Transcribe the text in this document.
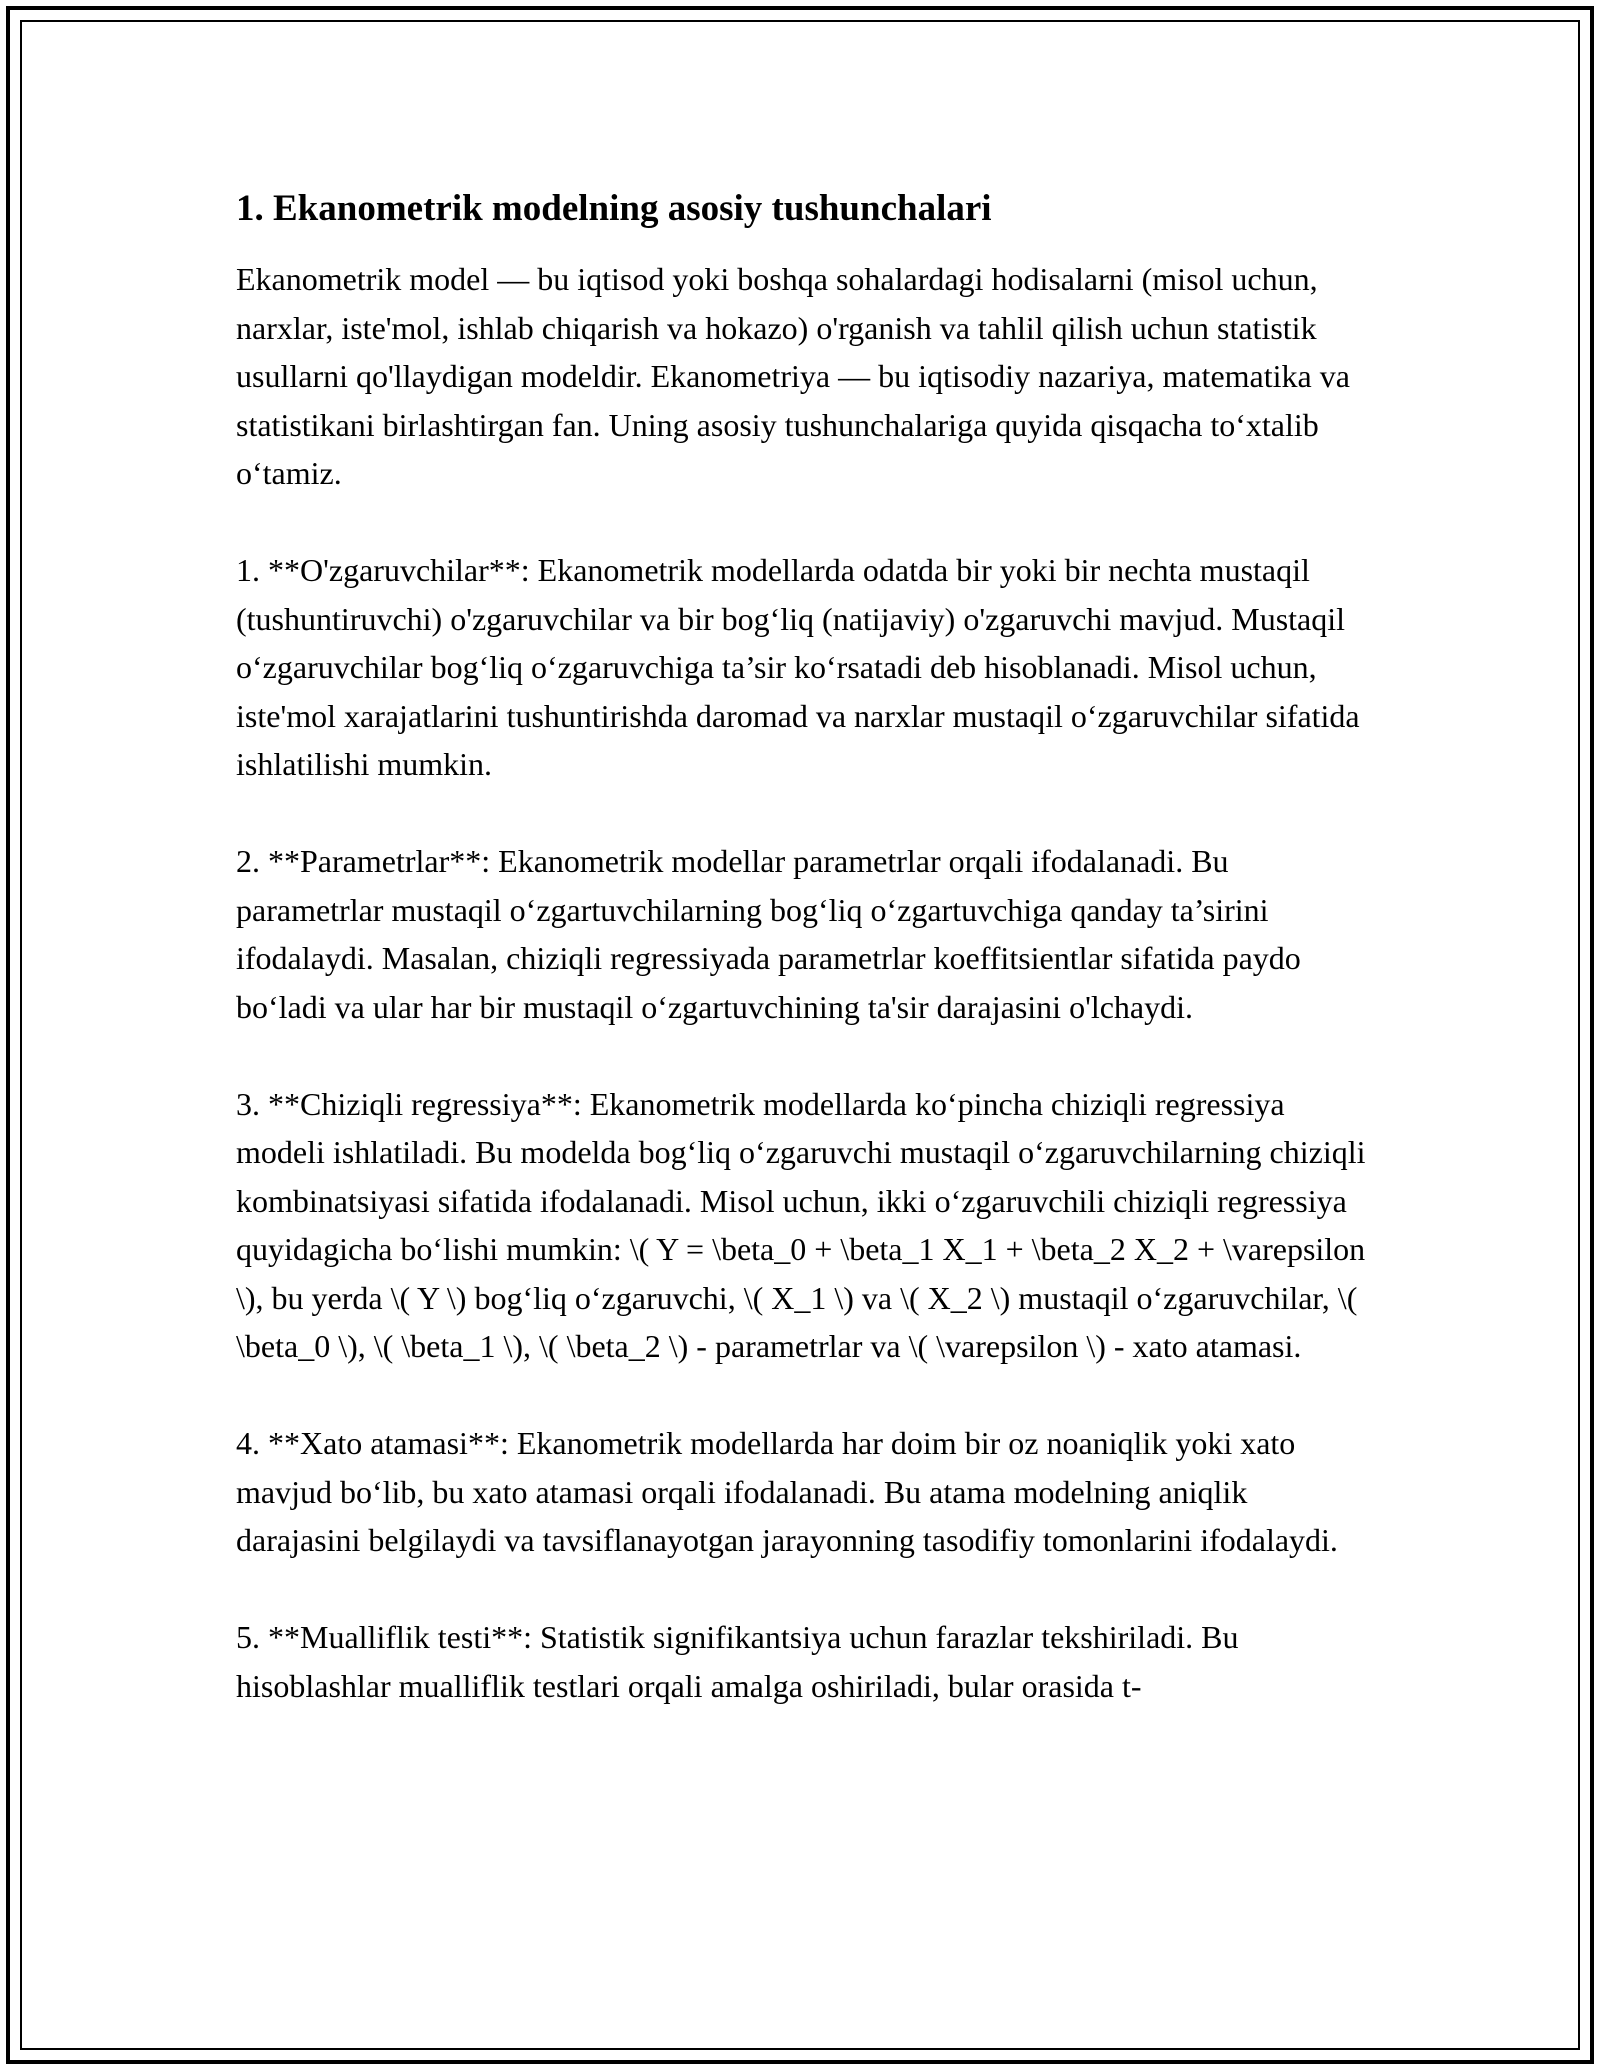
1. Ekanometrik modelning asosiy tushunchalari

Ekanometrik model — bu iqtisod yoki boshqa sohalardagi hodisalarni (misol uchun, narxlar, iste'mol, ishlab chiqarish va hokazo) o'rganish va tahlil qilish uchun statistik usullarni qo'llaydigan modeldir. Ekanometriya — bu iqtisodiy nazariya, matematika va statistikani birlashtirgan fan. Uning asosiy tushunchalariga quyida qisqacha to‘xtalib o‘tamiz.

1. **O'zgaruvchilar**: Ekanometrik modellarda odatda bir yoki bir nechta mustaqil (tushuntiruvchi) o'zgaruvchilar va bir bog‘liq (natijaviy) o'zgaruvchi mavjud. Mustaqil o‘zgaruvchilar bog‘liq o‘zgaruvchiga ta’sir ko‘rsatadi deb hisoblanadi. Misol uchun, iste'mol xarajatlarini tushuntirishda daromad va narxlar mustaqil o‘zgaruvchilar sifatida ishlatilishi mumkin.

2. **Parametrlar**: Ekanometrik modellar parametrlar orqali ifodalanadi. Bu parametrlar mustaqil o‘zgartuvchilarning bog‘liq o‘zgartuvchiga qanday ta’sirini ifodalaydi. Masalan, chiziqli regressiyada parametrlar koeffitsientlar sifatida paydo bo‘ladi va ular har bir mustaqil o‘zgartuvchining ta'sir darajasini o'lchaydi.

3. **Chiziqli regressiya**: Ekanometrik modellarda ko‘pincha chiziqli regressiya modeli ishlatiladi. Bu modelda bog‘liq o‘zgaruvchi mustaqil o‘zgaruvchilarning chiziqli kombinatsiyasi sifatida ifodalanadi. Misol uchun, ikki o‘zgaruvchili chiziqli regressiya quyidagicha bo‘lishi mumkin: \( Y = \beta_0 + \beta_1 X_1 + \beta_2 X_2 + \varepsilon \), bu yerda \( Y \) bog‘liq o‘zgaruvchi, \( X_1 \) va \( X_2 \) mustaqil o‘zgaruvchilar, \( \beta_0 \), \( \beta_1 \), \( \beta_2 \) - parametrlar va \( \varepsilon \) - xato atamasi.

4. **Xato atamasi**: Ekanometrik modellarda har doim bir oz noaniqlik yoki xato mavjud bo‘lib, bu xato atamasi orqali ifodalanadi. Bu atama modelning aniqlik darajasini belgilaydi va tavsiflanayotgan jarayonning tasodifiy tomonlarini ifodalaydi.

5. **Mualliflik testi**: Statistik signifikantsiya uchun farazlar tekshiriladi. Bu hisoblashlar mualliflik testlari orqali amalga oshiriladi, bular orasida t-
